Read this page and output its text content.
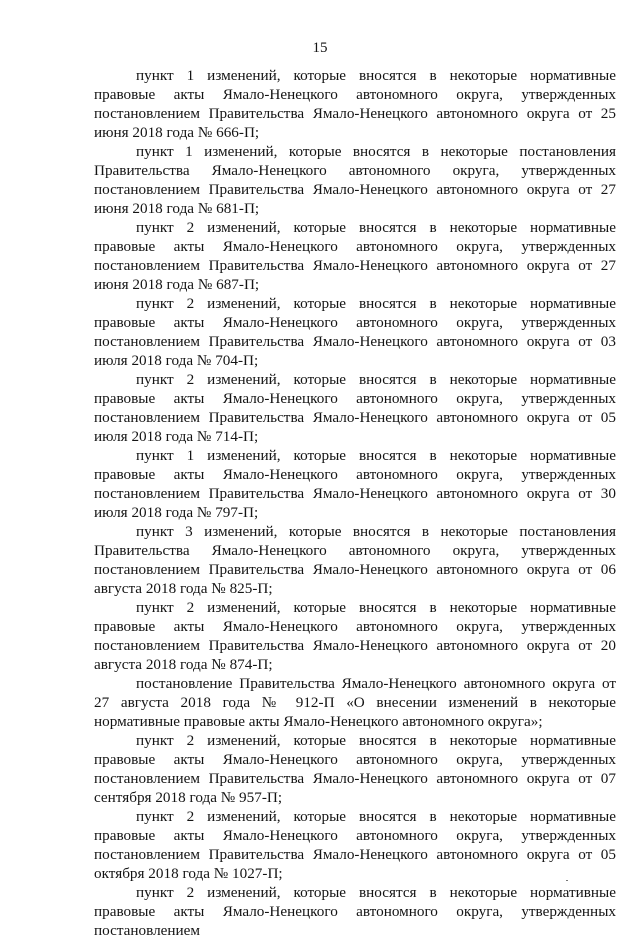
15

пункт 1 изменений, которые вносятся в некоторые нормативные правовые акты Ямало-Ненецкого автономного округа, утвержденных постановлением Правительства Ямало-Ненецкого автономного округа от 25 июня 2018 года № 666-П;

пункт 1 изменений, которые вносятся в некоторые постановления Правительства Ямало-Ненецкого автономного округа, утвержденных постановлением Правительства Ямало-Ненецкого автономного округа от 27 июня 2018 года № 681-П;

пункт 2 изменений, которые вносятся в некоторые нормативные правовые акты Ямало-Ненецкого автономного округа, утвержденных постановлением Правительства Ямало-Ненецкого автономного округа от 27 июня 2018 года № 687-П;

пункт 2 изменений, которые вносятся в некоторые нормативные правовые акты Ямало-Ненецкого автономного округа, утвержденных постановлением Правительства Ямало-Ненецкого автономного округа от 03 июля 2018 года № 704-П;

пункт 2 изменений, которые вносятся в некоторые нормативные правовые акты Ямало-Ненецкого автономного округа, утвержденных постановлением Правительства Ямало-Ненецкого автономного округа от 05 июля 2018 года № 714-П;

пункт 1 изменений, которые вносятся в некоторые нормативные правовые акты Ямало-Ненецкого автономного округа, утвержденных постановлением Правительства Ямало-Ненецкого автономного округа от 30 июля 2018 года № 797-П;

пункт 3 изменений, которые вносятся в некоторые постановления Правительства Ямало-Ненецкого автономного округа, утвержденных постановлением Правительства Ямало-Ненецкого автономного округа от 06 августа 2018 года № 825-П;

пункт 2 изменений, которые вносятся в некоторые нормативные правовые акты Ямало-Ненецкого автономного округа, утвержденных постановлением Правительства Ямало-Ненецкого автономного округа от 20 августа 2018 года № 874-П;

постановление Правительства Ямало-Ненецкого автономного округа от 27 августа 2018 года № 912-П «О внесении изменений в некоторые нормативные правовые акты Ямало-Ненецкого автономного округа»;

пункт 2 изменений, которые вносятся в некоторые нормативные правовые акты Ямало-Ненецкого автономного округа, утвержденных постановлением Правительства Ямало-Ненецкого автономного округа от 07 сентября 2018 года № 957-П;

пункт 2 изменений, которые вносятся в некоторые нормативные правовые акты Ямало-Ненецкого автономного округа, утвержденных постановлением Правительства Ямало-Ненецкого автономного округа от 05 октября 2018 года № 1027-П;

пункт 2 изменений, которые вносятся в некоторые нормативные правовые акты Ямало-Ненецкого автономного округа, утвержденных постановлением
